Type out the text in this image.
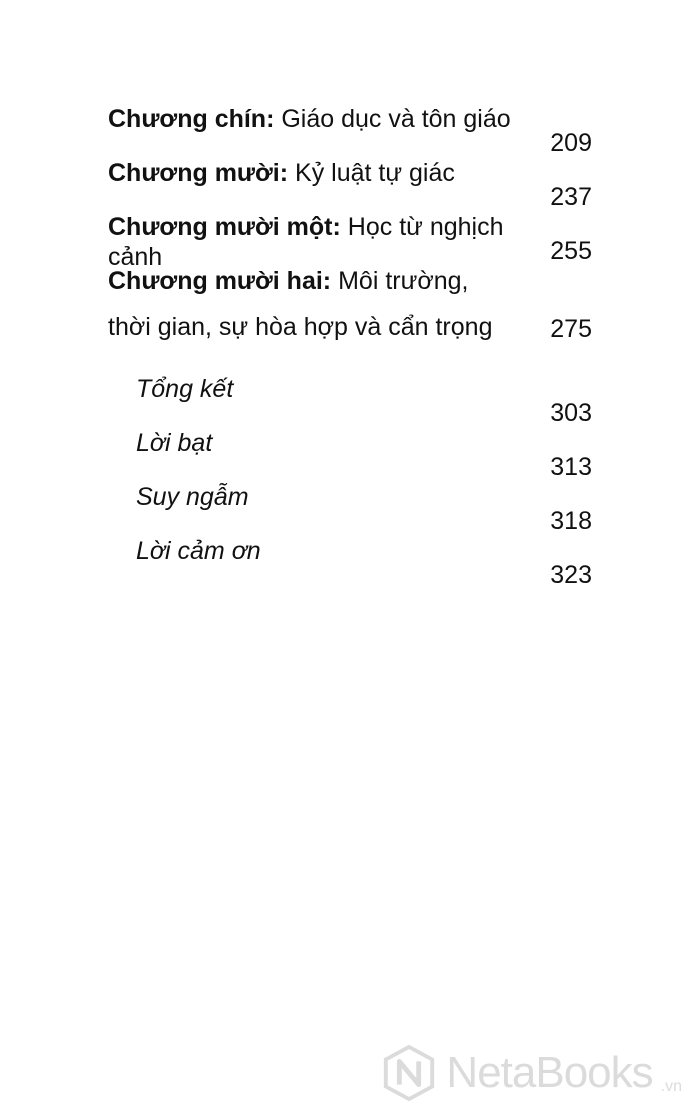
Chương chín: Giáo dục và tôn giáo
209
Chương mười: Kỷ luật tự giác
237
Chương mười một: Học từ nghịch cảnh	255
Chương mười hai: Môi trường,
thời gian, sự hòa hợp và cẩn trọng	275
Tổng kết
303
Lời bạt
313
Suy ngẫm
318
Lời cảm ơn
323
NetaBooks .vn
